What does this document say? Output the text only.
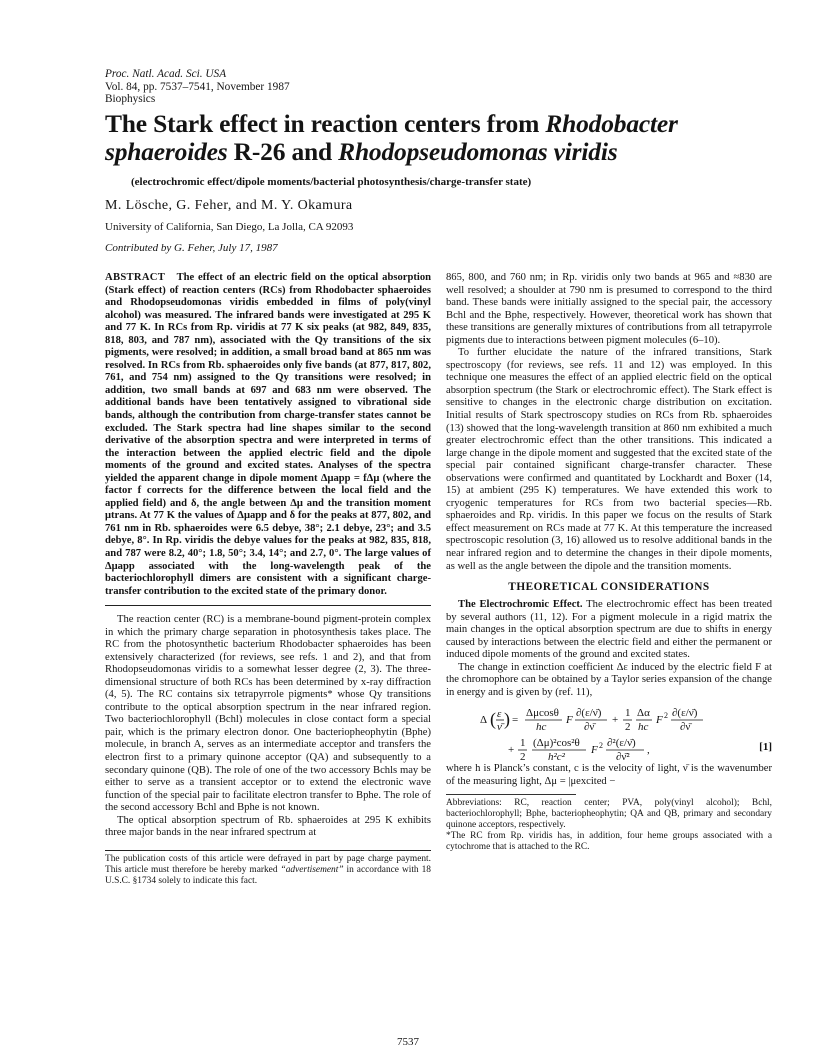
Proc. Natl. Acad. Sci. USA
Vol. 84, pp. 7537–7541, November 1987
Biophysics
The Stark effect in reaction centers from Rhodobacter sphaeroides R-26 and Rhodopseudomonas viridis
(electrochromic effect/dipole moments/bacterial photosynthesis/charge-transfer state)
M. Lösche, G. Feher, and M. Y. Okamura
University of California, San Diego, La Jolla, CA 92093
Contributed by G. Feher, July 17, 1987
ABSTRACT The effect of an electric field on the optical absorption (Stark effect) of reaction centers (RCs) from Rhodobacter sphaeroides and Rhodopseudomonas viridis embedded in films of poly(vinyl alcohol) was measured. The infrared bands were investigated at 295 K and 77 K. In RCs from Rp. viridis at 77 K six peaks (at 982, 849, 835, 818, 803, and 787 nm), associated with the Qy transitions of the six pigments, were resolved; in addition, a small broad band at 865 nm was resolved. In RCs from Rb. sphaeroides only five bands (at 877, 817, 802, 761, and 754 nm) assigned to the Qy transitions were resolved; in addition, two small bands at 697 and 683 nm were observed. The additional bands have been tentatively assigned to vibrational side bands, although the contribution from charge-transfer states cannot be excluded. The Stark spectra had line shapes similar to the second derivative of the absorption spectra and were interpreted in terms of the interaction between the applied electric field and the dipole moments of the ground and excited states. Analyses of the spectra yielded the apparent change in dipole moment Δμapp = fΔμ (where the factor f corrects for the difference between the local field and the applied field) and δ, the angle between Δμ and the transition moment μtrans. At 77 K the values of Δμapp and δ for the peaks at 877, 802, and 761 nm in Rb. sphaeroides were 6.5 debye, 38°; 2.1 debye, 23°; and 3.5 debye, 8°. In Rp. viridis the debye values for the peaks at 982, 835, 818, and 787 were 8.2, 40°; 1.8, 50°; 3.4, 14°; and 2.7, 0°. The large values of Δμapp associated with the long-wavelength peak of the bacteriochlorophyll dimers are consistent with a significant charge-transfer contribution to the excited state of the primary donor.

The reaction center (RC) is a membrane-bound pigment-protein complex in which the primary charge separation in photosynthesis takes place. The RC from the photosynthetic bacterium Rhodobacter sphaeroides has been extensively characterized (for reviews, see refs. 1 and 2), and that from Rhodopseudomonas viridis to a somewhat lesser degree (2, 3). The three-dimensional structure of both RCs has been determined by x-ray diffraction (4, 5). The RC contains six tetrapyrrole pigments* whose Qy transitions contribute to the optical absorption spectrum in the near infrared region. Two bacteriochlorophyll (Bchl) molecules in close contact form a special pair, which is the primary electron donor. One bacteriopheophytin (Bphe) molecule, in branch A, serves as an intermediate acceptor and transfers the electron first to a primary quinone acceptor (QA) and subsequently to a secondary quinone (QB). The role of one of the two accessory Bchls may be either to serve as a transient acceptor or to extend the electronic wave function of the special pair to facilitate electron transfer to Bphe. The role of the second accessory Bchl and Bphe is not known.

The optical absorption spectrum of Rb. sphaeroides at 295 K exhibits three major bands in the near infrared spectrum at

The publication costs of this article were defrayed in part by page charge payment. This article must therefore be hereby marked “advertisement” in accordance with 18 U.S.C. §1734 solely to indicate this fact.

865, 800, and 760 nm; in Rp. viridis only two bands at 965 and ≈830 are well resolved; a shoulder at 790 nm is presumed to correspond to the third band. These bands were initially assigned to the special pair, the accessory Bchl and the Bphe, respectively. However, theoretical work has shown that these transitions are generally mixtures of contributions from all tetrapyrrole pigments due to interactions between pigment molecules (6–10).

To further elucidate the nature of the infrared transitions, Stark spectroscopy (for reviews, see refs. 11 and 12) was employed. In this technique one measures the effect of an applied electric field on the optical absorption spectrum (the Stark or electrochromic effect). The Stark effect is sensitive to changes in the electronic charge distribution on excitation. Initial results of Stark spectroscopy studies on RCs from Rb. sphaeroides (13) showed that the long-wavelength transition at 860 nm exhibited a much greater electrochromic effect than the other transitions. This indicated a large change in the dipole moment and suggested that the excited state of the special pair contained significant charge-transfer character. These observations were confirmed and quantitated by Lockhardt and Boxer (14, 15) at ambient (295 K) temperatures. We have extended this work to cryogenic temperatures for RCs from two bacterial species—Rb. sphaeroides and Rp. viridis. In this paper we focus on the results of Stark effect measurement on RCs made at 77 K. At this temperature the increased spectroscopic resolution (3, 16) allowed us to resolve additional bands in the near infrared region and to determine the changes in their dipole moments, as well as the angle between the dipole and the transition moments.

THEORETICAL CONSIDERATIONS

The Electrochromic Effect. The electrochromic effect has been treated by several authors (11, 12). For a pigment molecule in a rigid matrix the main changes in the optical absorption spectrum are due to shifts in energy caused by interactions between the electric field and either the permanent or induced dipole moments of the ground and excited states.

The change in extinction coefficient Δε induced by the electric field F at the chromophore can be obtained by a Taylor series expansion of the change in energy and is given by (ref. 11),

Δ ( ε
ν̄ ) =
Δμcosθ
hc
F
∂(ε/ν̄)
∂ν̄
+
1
2
Δα
hc
F 2 ∂(ε/ν̄)
∂ν̄
+
1
2
(Δμ)²cos²θ
h²c²
F 2 ∂²(ε/ν̄)
∂ν̄²
,	[1]
where h is Planck’s constant, c is the velocity of light, ν̄ is the wavenumber of the measuring light, Δμ = |μexcited −
Abbreviations: RC, reaction center; PVA, poly(vinyl alcohol); Bchl, bacteriochlorophyll; Bphe, bacteriopheophytin; QA and QB, primary and secondary quinone acceptors, respectively.
*The RC from Rp. viridis has, in addition, four heme groups associated with a cytochrome that is attached to the RC.
7537
